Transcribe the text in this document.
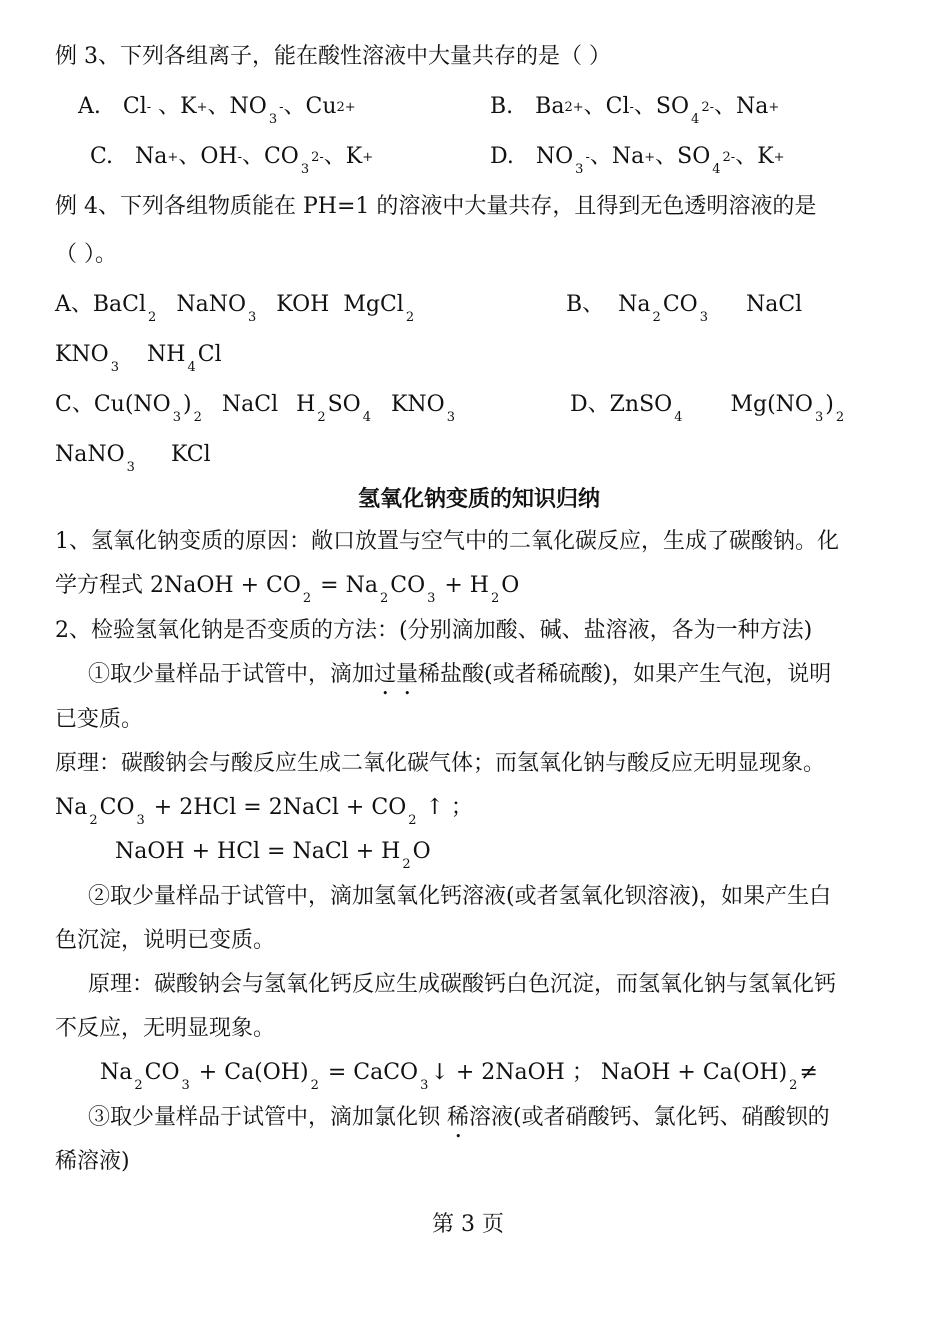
例 3、下列各组离子，能在酸性溶液中大量共存的是（ ）
A. Cl- 、K+、$NO_3-$、Cu2+	B. Ba2+、Cl-、$SO_42-$、Na+
C. Na+、OH-、$CO_32-$、K+	D. $NO_3-$、Na+、$SO_42-$、K+
例 4、下列各组物质能在 PH=1 的溶液中大量共存，且得到无色透明溶液的是
（ ）。
A、BaCl$_2$NaNO$_3$KOH MgCl$_2$
B、 $Na_2CO_3NaCl$
$KNO_3NH_4Cl$
C、$Cu(NO_3)_2NaCl$ $H_2SO_4KNO_3$
D、$ZnSO_4Mg(NO_3)_2$
NaNO$_3$KCl
氢氧化钠变质的知识归纳
1、氢氧化钠变质的原因：敞口放置与空气中的二氧化碳反应，生成了碳酸钠。化
学方程式 2NaOH + $CO_2 = Na_2CO_3 + H_2O$
2、检验氢氧化钠是否变质的方法：(分别滴加酸、碱、盐溶液，各为一种方法)
①取少量样品于试管中，滴加过量稀盐酸(或者稀硫酸)，如果产生气泡，说明
已变质。
原理：碳酸钠会与酸反应生成二氧化碳气体；而氢氧化钠与酸反应无明显现象。
$Na_2CO_3 + 2HCl$ = 2NaCl + $CO_2$ ↑ ；
NaOH + HCl = NaCl + $H_2O$
②取少量样品于试管中，滴加氢氧化钙溶液(或者氢氧化钡溶液)，如果产生白
色沉淀，说明已变质。
原理：碳酸钠会与氢氧化钙反应生成碳酸钙白色沉淀，而氢氧化钠与氢氧化钙
不反应，无明显现象。
$Na_2CO_3 + Ca(OH)_2$ = CaCO$_3$↓ + 2NaOH ； NaOH + $Ca(OH)_2\ne$
③取少量样品于试管中，滴加氯化钡 稀溶液(或者硝酸钙、氯化钙、硝酸钡的
稀溶液)
第 3 页
